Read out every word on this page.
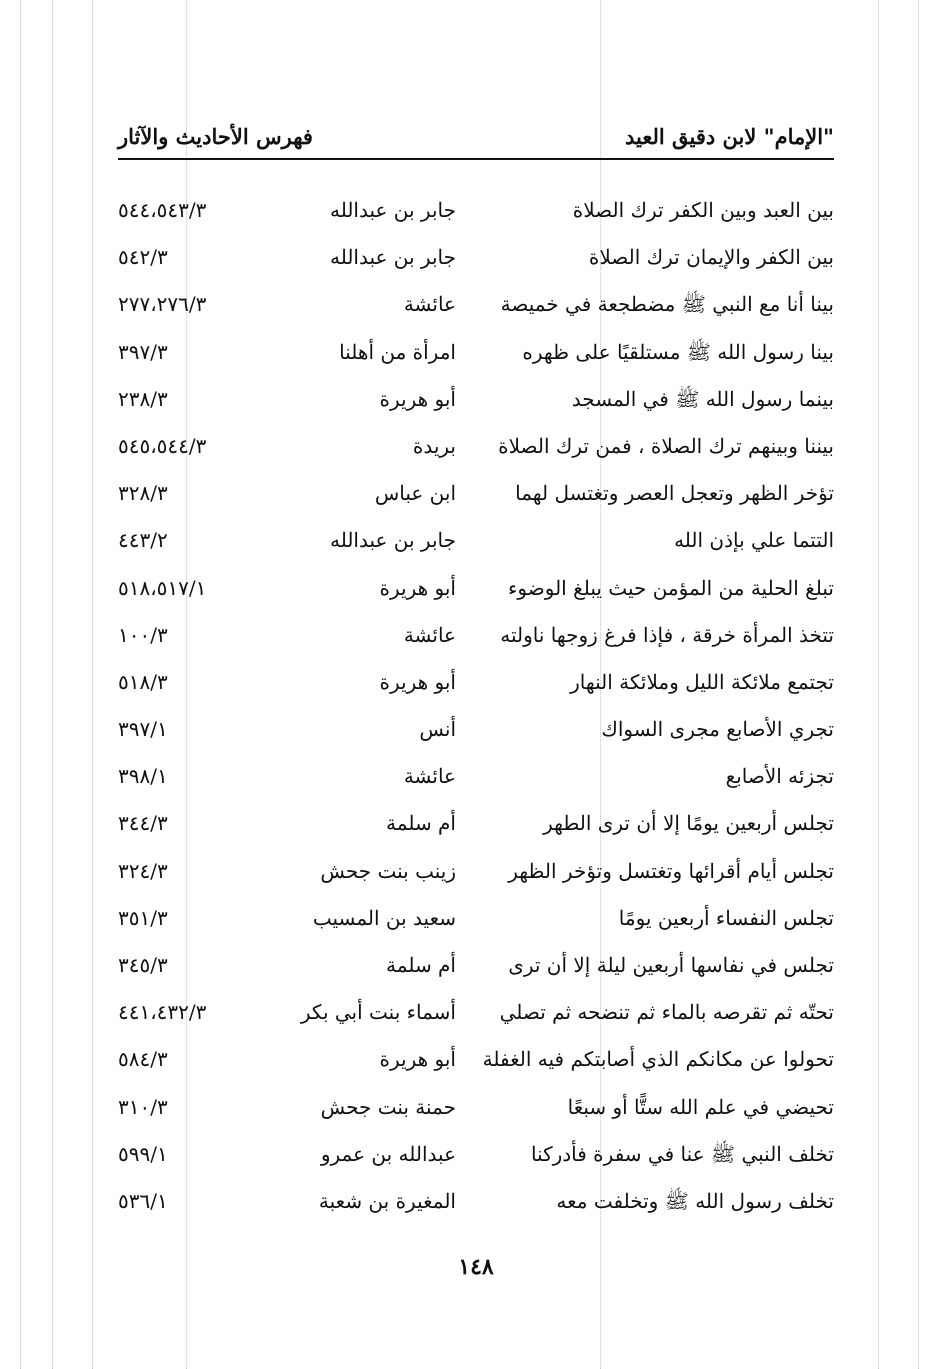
"الإمام" لابن دقيق العيد
فهرس الأحاديث والآثار
بين العبد وبين الكفر ترك الصلاة
جابر بن عبدالله
٥٤٤،٥٤٣/٣
بين الكفر والإيمان ترك الصلاة
جابر بن عبدالله
٥٤٢/٣
بينا أنا مع النبي ﷺ مضطجعة في خميصة
عائشة
٢٧٧،٢٧٦/٣
بينا رسول الله ﷺ مستلقيًا على ظهره
امرأة من أهلنا
٣٩٧/٣
بينما رسول الله ﷺ في المسجد
أبو هريرة
٢٣٨/٣
بيننا وبينهم ترك الصلاة ، فمن ترك الصلاة
بريدة
٥٤٥،٥٤٤/٣
تؤخر الظهر وتعجل العصر وتغتسل لهما
ابن عباس
٣٢٨/٣
التتما علي بإذن الله
جابر بن عبدالله
٤٤٣/٢
تبلغ الحلية من المؤمن حيث يبلغ الوضوء
أبو هريرة
٥١٨،٥١٧/١
تتخذ المرأة خرقة ، فإذا فرغ زوجها ناولته
عائشة
١٠٠/٣
تجتمع ملائكة الليل وملائكة النهار
أبو هريرة
٥١٨/٣
تجري الأصابع مجرى السواك
أنس
٣٩٧/١
تجزئه الأصابع
عائشة
٣٩٨/١
تجلس أربعين يومًا إلا أن ترى الطهر
أم سلمة
٣٤٤/٣
تجلس أيام أقرائها وتغتسل وتؤخر الظهر
زينب بنت جحش
٣٢٤/٣
تجلس النفساء أربعين يومًا
سعيد بن المسيب
٣٥١/٣
تجلس في نفاسها أربعين ليلة إلا أن ترى
أم سلمة
٣٤٥/٣
تحتّه ثم تقرصه بالماء ثم تنضحه ثم تصلي
أسماء بنت أبي بكر
٤٤١،٤٣٢/٣
تحولوا عن مكانكم الذي أصابتكم فيه الغفلة
أبو هريرة
٥٨٤/٣
تحيضي في علم الله ستًّا أو سبعًا
حمنة بنت جحش
٣١٠/٣
تخلف النبي ﷺ عنا في سفرة فأدركنا
عبدالله بن عمرو
٥٩٩/١
تخلف رسول الله ﷺ وتخلفت معه
المغيرة بن شعبة
٥٣٦/١
١٤٨
